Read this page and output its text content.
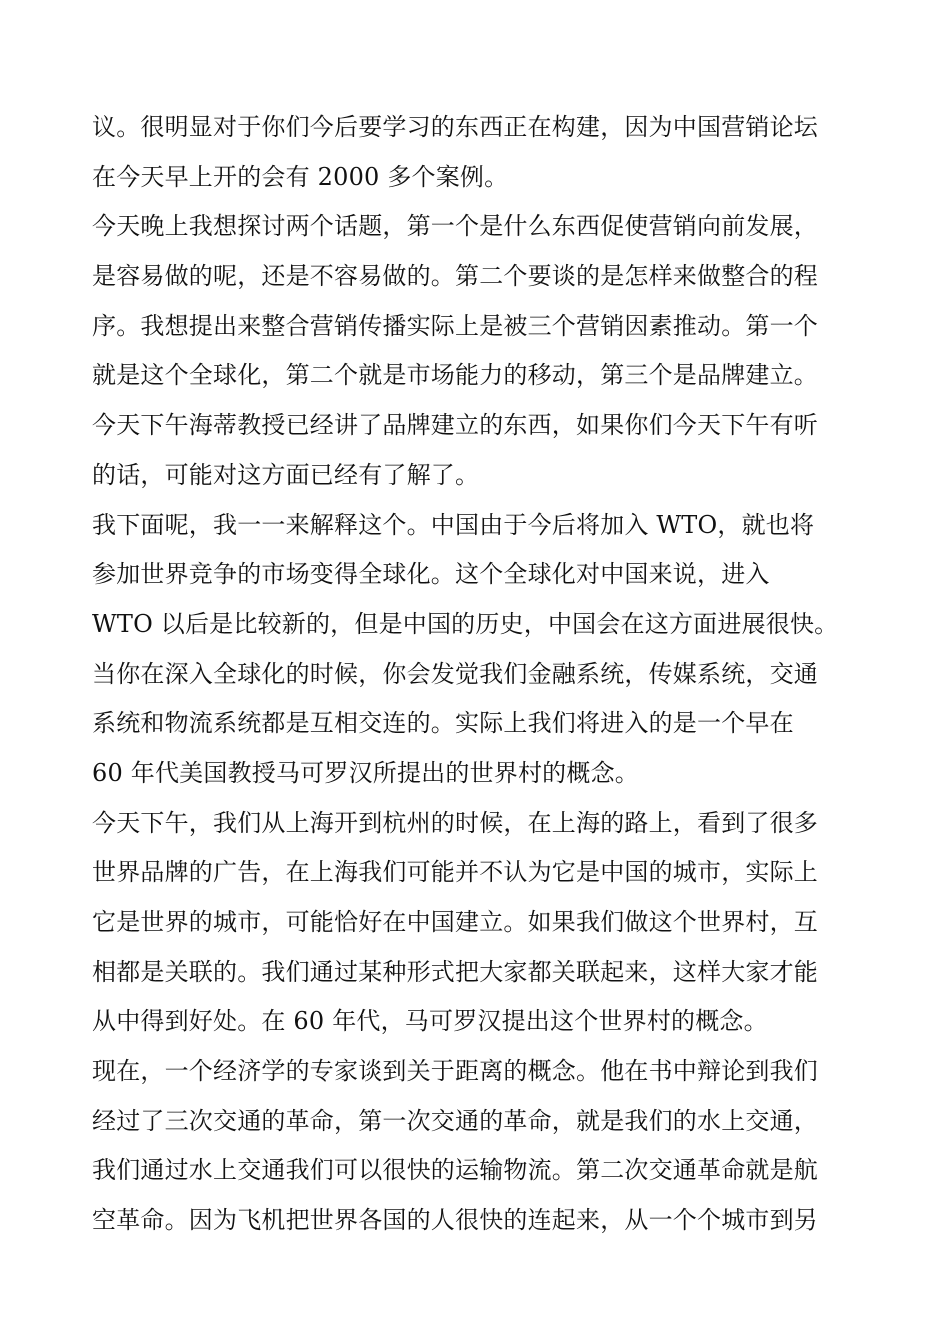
议。很明显对于你们今后要学习的东西正在构建，因为中国营销论坛
在今天早上开的会有 2000 多个案例。
今天晚上我想探讨两个话题，第一个是什么东西促使营销向前发展，
是容易做的呢，还是不容易做的。第二个要谈的是怎样来做整合的程
序。我想提出来整合营销传播实际上是被三个营销因素推动。第一个
就是这个全球化，第二个就是市场能力的移动，第三个是品牌建立。
今天下午海蒂教授已经讲了品牌建立的东西，如果你们今天下午有听
的话，可能对这方面已经有了解了。
我下面呢，我一一来解释这个。中国由于今后将加入 WTO，就也将
参加世界竞争的市场变得全球化。这个全球化对中国来说，进入
WTO 以后是比较新的，但是中国的历史，中国会在这方面进展很快。
当你在深入全球化的时候，你会发觉我们金融系统，传媒系统，交通
系统和物流系统都是互相交连的。实际上我们将进入的是一个早在
60 年代美国教授马可罗汉所提出的世界村的概念。
今天下午，我们从上海开到杭州的时候，在上海的路上，看到了很多
世界品牌的广告，在上海我们可能并不认为它是中国的城市，实际上
它是世界的城市，可能恰好在中国建立。如果我们做这个世界村，互
相都是关联的。我们通过某种形式把大家都关联起来，这样大家才能
从中得到好处。在 60 年代，马可罗汉提出这个世界村的概念。
现在，一个经济学的专家谈到关于距离的概念。他在书中辩论到我们
经过了三次交通的革命，第一次交通的革命，就是我们的水上交通，
我们通过水上交通我们可以很快的运输物流。第二次交通革命就是航
空革命。因为飞机把世界各国的人很快的连起来，从一个个城市到另
